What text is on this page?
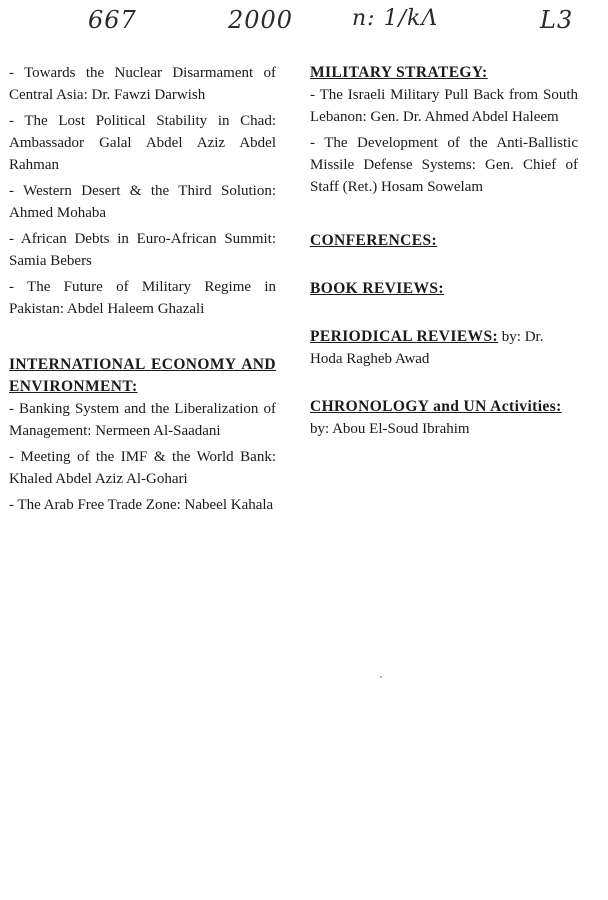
667	2000	n: 1∕kΛ	L3

- Towards the Nuclear Disarmament of Central Asia: Dr. Fawzi Darwish

- The Lost Political Stability in Chad: Ambassador Galal Abdel Aziz Abdel Rahman

- Western Desert & the Third Solution: Ahmed Mohaba

- African Debts in Euro-African Summit: Samia Bebers

- The Future of Military Regime in Pakistan: Abdel Haleem Ghazali

INTERNATIONAL ECONOMY AND ENVIRONMENT:

- Banking System and the Liberalization of Management: Nermeen Al-Saadani

- Meeting of the IMF & the World Bank: Khaled Abdel Aziz Al-Gohari

- The Arab Free Trade Zone: Nabeel Kahala

MILITARY STRATEGY:

- The Israeli Military Pull Back from South Lebanon: Gen. Dr. Ahmed Abdel Haleem

- The Development of the Anti-Ballistic Missile Defense Systems: Gen. Chief of Staff (Ret.) Hosam Sowelam

CONFERENCES:
BOOK REVIEWS:
PERIODICAL REVIEWS: by: Dr. Hoda Ragheb Awad
CHRONOLOGY and UN Activities: by: Abou El-Soud Ibrahim
